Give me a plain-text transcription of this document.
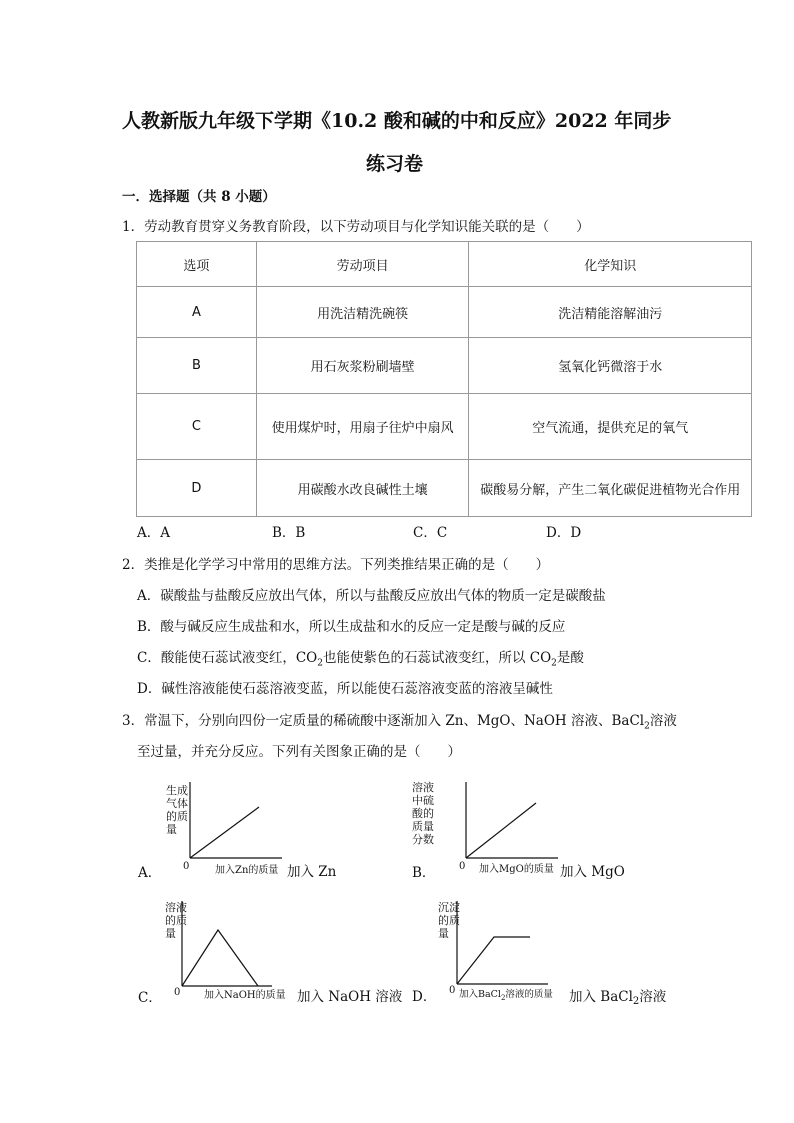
人教新版九年级下学期《10.2 酸和碱的中和反应》2022 年同步
练习卷
一．选择题（共 8 小题）
1．劳动教育贯穿义务教育阶段，以下劳动项目与化学知识能关联的是（　　）
选项	劳动项目	化学知识
A	用洗洁精洗碗筷	洗洁精能溶解油污
B	用石灰浆粉刷墙壁	氢氧化钙微溶于水
C	使用煤炉时，用扇子往炉中扇风	空气流通，提供充足的氧气
D	用碳酸水改良碱性土壤	碳酸易分解，产生二氧化碳促进植物光合作用
A．A	B．B	C．C	D．D
2．类推是化学学习中常用的思维方法。下列类推结果正确的是（　　）
A．碳酸盐与盐酸反应放出气体，所以与盐酸反应放出气体的物质一定是碳酸盐
B．酸与碱反应生成盐和水，所以生成盐和水的反应一定是酸与碱的反应
C．酸能使石蕊试液变红，$CO_2$也能使紫色的石蕊试液变红，所以 $CO_2$是酸
D．碱性溶液能使石蕊溶液变蓝，所以能使石蕊溶液变蓝的溶液呈碱性
3．常温下，分别向四份一定质量的稀硫酸中逐渐加入 Zn、MgO、NaOH 溶液、BaCl$_2$溶液
至过量，并充分反应。下列有关图象正确的是（　　）
生成
气体
的质
量
0	加入Zn的质量
A．	加入 Zn
溶液
中硫
酸的
质量
分数
0 加入MgO的质量
B．	加入 MgO
溶液
的质
量
0 加入NaOH的质量
C．	加入 NaOH 溶液
沉淀
的质
量
0 加入BaCl$_2$溶液的质量
D．	加入 BaCl$_2$溶液
